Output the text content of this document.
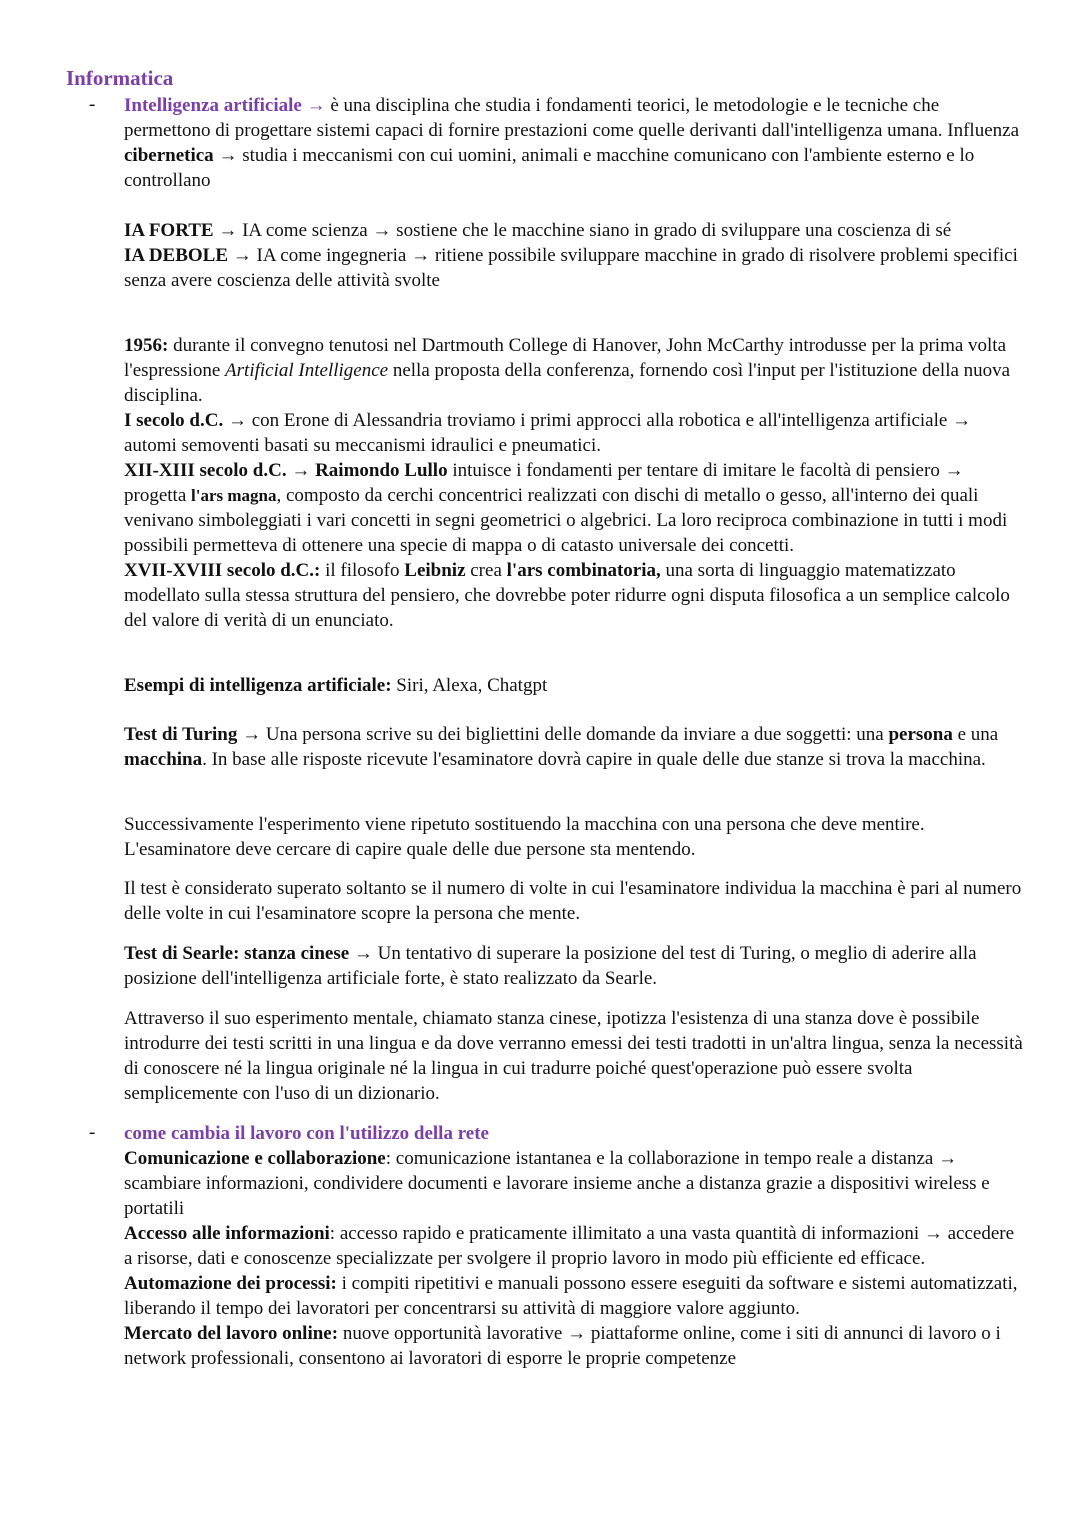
Informatica
- Intelligenza artificiale → è una disciplina che studia i fondamenti teorici, le metodologie e le tecniche che permettono di progettare sistemi capaci di fornire prestazioni come quelle derivanti dall'intelligenza umana. Influenza cibernetica → studia i meccanismi con cui uomini, animali e macchine comunicano con l'ambiente esterno e lo controllano

IA FORTE → IA come scienza → sostiene che le macchine siano in grado di sviluppare una coscienza di sé

IA DEBOLE → IA come ingegneria → ritiene possibile sviluppare macchine in grado di risolvere problemi specifici senza avere coscienza delle attività svolte

1956: durante il convegno tenutosi nel Dartmouth College di Hanover, John McCarthy introdusse per la prima volta l'espressione Artificial Intelligence nella proposta della conferenza, fornendo così l'input per l'istituzione della nuova disciplina.

I secolo d.C. → con Erone di Alessandria troviamo i primi approcci alla robotica e all'intelligenza artificiale → automi semoventi basati su meccanismi idraulici e pneumatici.

XII-XIII secolo d.C. → Raimondo Lullo intuisce i fondamenti per tentare di imitare le facoltà di pensiero → progetta l'ars magna, composto da cerchi concentrici realizzati con dischi di metallo o gesso, all'interno dei quali venivano simboleggiati i vari concetti in segni geometrici o algebrici. La loro reciproca combinazione in tutti i modi possibili permetteva di ottenere una specie di mappa o di catasto universale dei concetti.

XVII-XVIII secolo d.C.: il filosofo Leibniz crea l'ars combinatoria, una sorta di linguaggio matematizzato modellato sulla stessa struttura del pensiero, che dovrebbe poter ridurre ogni disputa filosofica a un semplice calcolo del valore di verità di un enunciato.

Esempi di intelligenza artificiale: Siri, Alexa, Chatgpt

Test di Turing → Una persona scrive su dei bigliettini delle domande da inviare a due soggetti: una persona e una macchina. In base alle risposte ricevute l'esaminatore dovrà capire in quale delle due stanze si trova la macchina.

Successivamente l'esperimento viene ripetuto sostituendo la macchina con una persona che deve mentire. L'esaminatore deve cercare di capire quale delle due persone sta mentendo.

Il test è considerato superato soltanto se il numero di volte in cui l'esaminatore individua la macchina è pari al numero delle volte in cui l'esaminatore scopre la persona che mente.

Test di Searle: stanza cinese → Un tentativo di superare la posizione del test di Turing, o meglio di aderire alla posizione dell'intelligenza artificiale forte, è stato realizzato da Searle.

Attraverso il suo esperimento mentale, chiamato stanza cinese, ipotizza l'esistenza di una stanza dove è possibile introdurre dei testi scritti in una lingua e da dove verranno emessi dei testi tradotti in un'altra lingua, senza la necessità di conoscere né la lingua originale né la lingua in cui tradurre poiché quest'operazione può essere svolta semplicemente con l'uso di un dizionario.

- come cambia il lavoro con l'utilizzo della rete

Comunicazione e collaborazione: comunicazione istantanea e la collaborazione in tempo reale a distanza → scambiare informazioni, condividere documenti e lavorare insieme anche a distanza grazie a dispositivi wireless e portatili

Accesso alle informazioni: accesso rapido e praticamente illimitato a una vasta quantità di informazioni → accedere a risorse, dati e conoscenze specializzate per svolgere il proprio lavoro in modo più efficiente ed efficace.

Automazione dei processi: i compiti ripetitivi e manuali possono essere eseguiti da software e sistemi automatizzati, liberando il tempo dei lavoratori per concentrarsi su attività di maggiore valore aggiunto.

Mercato del lavoro online: nuove opportunità lavorative → piattaforme online, come i siti di annunci di lavoro o i network professionali, consentono ai lavoratori di esporre le proprie competenze
